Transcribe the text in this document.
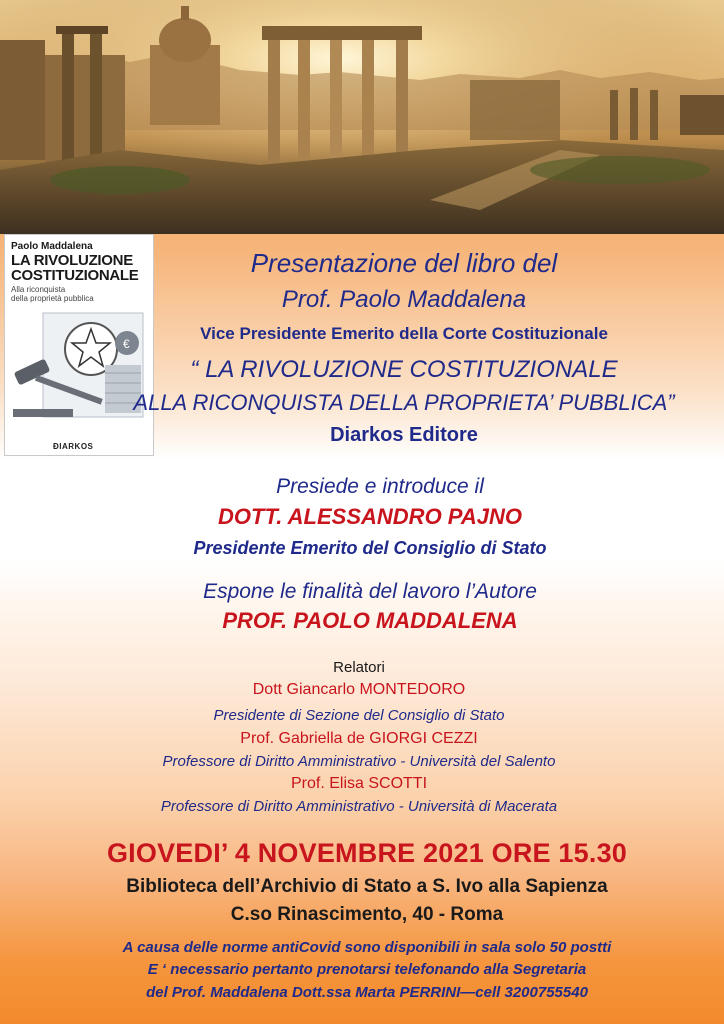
Paolo Maddalena
LA RIVOLUZIONE
COSTITUZIONALE
Alla riconquista
della proprietà pubblica
€
ÐIARKOS
Presentazione del libro del
Prof. Paolo Maddalena
Vice Presidente Emerito della Corte Costituzionale
“ LA RIVOLUZIONE COSTITUZIONALE
ALLA RICONQUISTA DELLA PROPRIETA’ PUBBLICA”
Diarkos Editore
Presiede e introduce il
DOTT. ALESSANDRO PAJNO
Presidente Emerito del Consiglio di Stato
Espone le finalità del lavoro l’Autore
PROF. PAOLO MADDALENA
Relatori
Dott Giancarlo MONTEDORO
Presidente di Sezione del Consiglio di Stato
Prof. Gabriella de GIORGI CEZZI
Professore di Diritto Amministrativo - Università del Salento
Prof. Elisa SCOTTI
Professore di Diritto Amministrativo - Università di Macerata
GIOVEDI’ 4 NOVEMBRE 2021 ORE 15.30
Biblioteca dell’Archivio di Stato a S. Ivo alla Sapienza
C.so Rinascimento, 40 - Roma
A causa delle norme antiCovid sono disponibili in sala solo 50 postti
E ‘ necessario pertanto prenotarsi telefonando alla Segretaria
del Prof. Maddalena Dott.ssa Marta PERRINI—cell 3200755540
